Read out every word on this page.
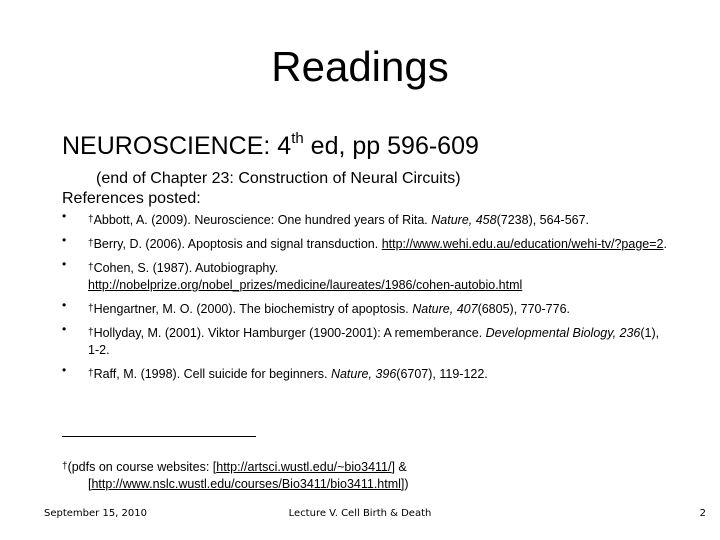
Readings
NEUROSCIENCE: 4th ed, pp 596-609
(end of Chapter 23: Construction of Neural Circuits)
References posted:
• †Abbott, A. (2009). Neuroscience: One hundred years of Rita. Nature, 458(7238), 564-567.
• †Berry, D. (2006). Apoptosis and signal transduction. http://www.wehi.edu.au/education/wehi-tv/?page=2.
• †Cohen, S. (1987). Autobiography.
http://nobelprize.org/nobel_prizes/medicine/laureates/1986/cohen-autobio.html
• †Hengartner, M. O. (2000). The biochemistry of apoptosis. Nature, 407(6805), 770-776.
• †Hollyday, M. (2001). Viktor Hamburger (1900-2001): A rememberance. Developmental Biology, 236(1), 1-2.
• †Raff, M. (1998). Cell suicide for beginners. Nature, 396(6707), 119-122.
†(pdfs on course websites: [http://artsci.wustl.edu/~bio3411/] &
[http://www.nslc.wustl.edu/courses/Bio3411/bio3411.html])
September 15, 2010	Lecture V. Cell Birth & Death	2
